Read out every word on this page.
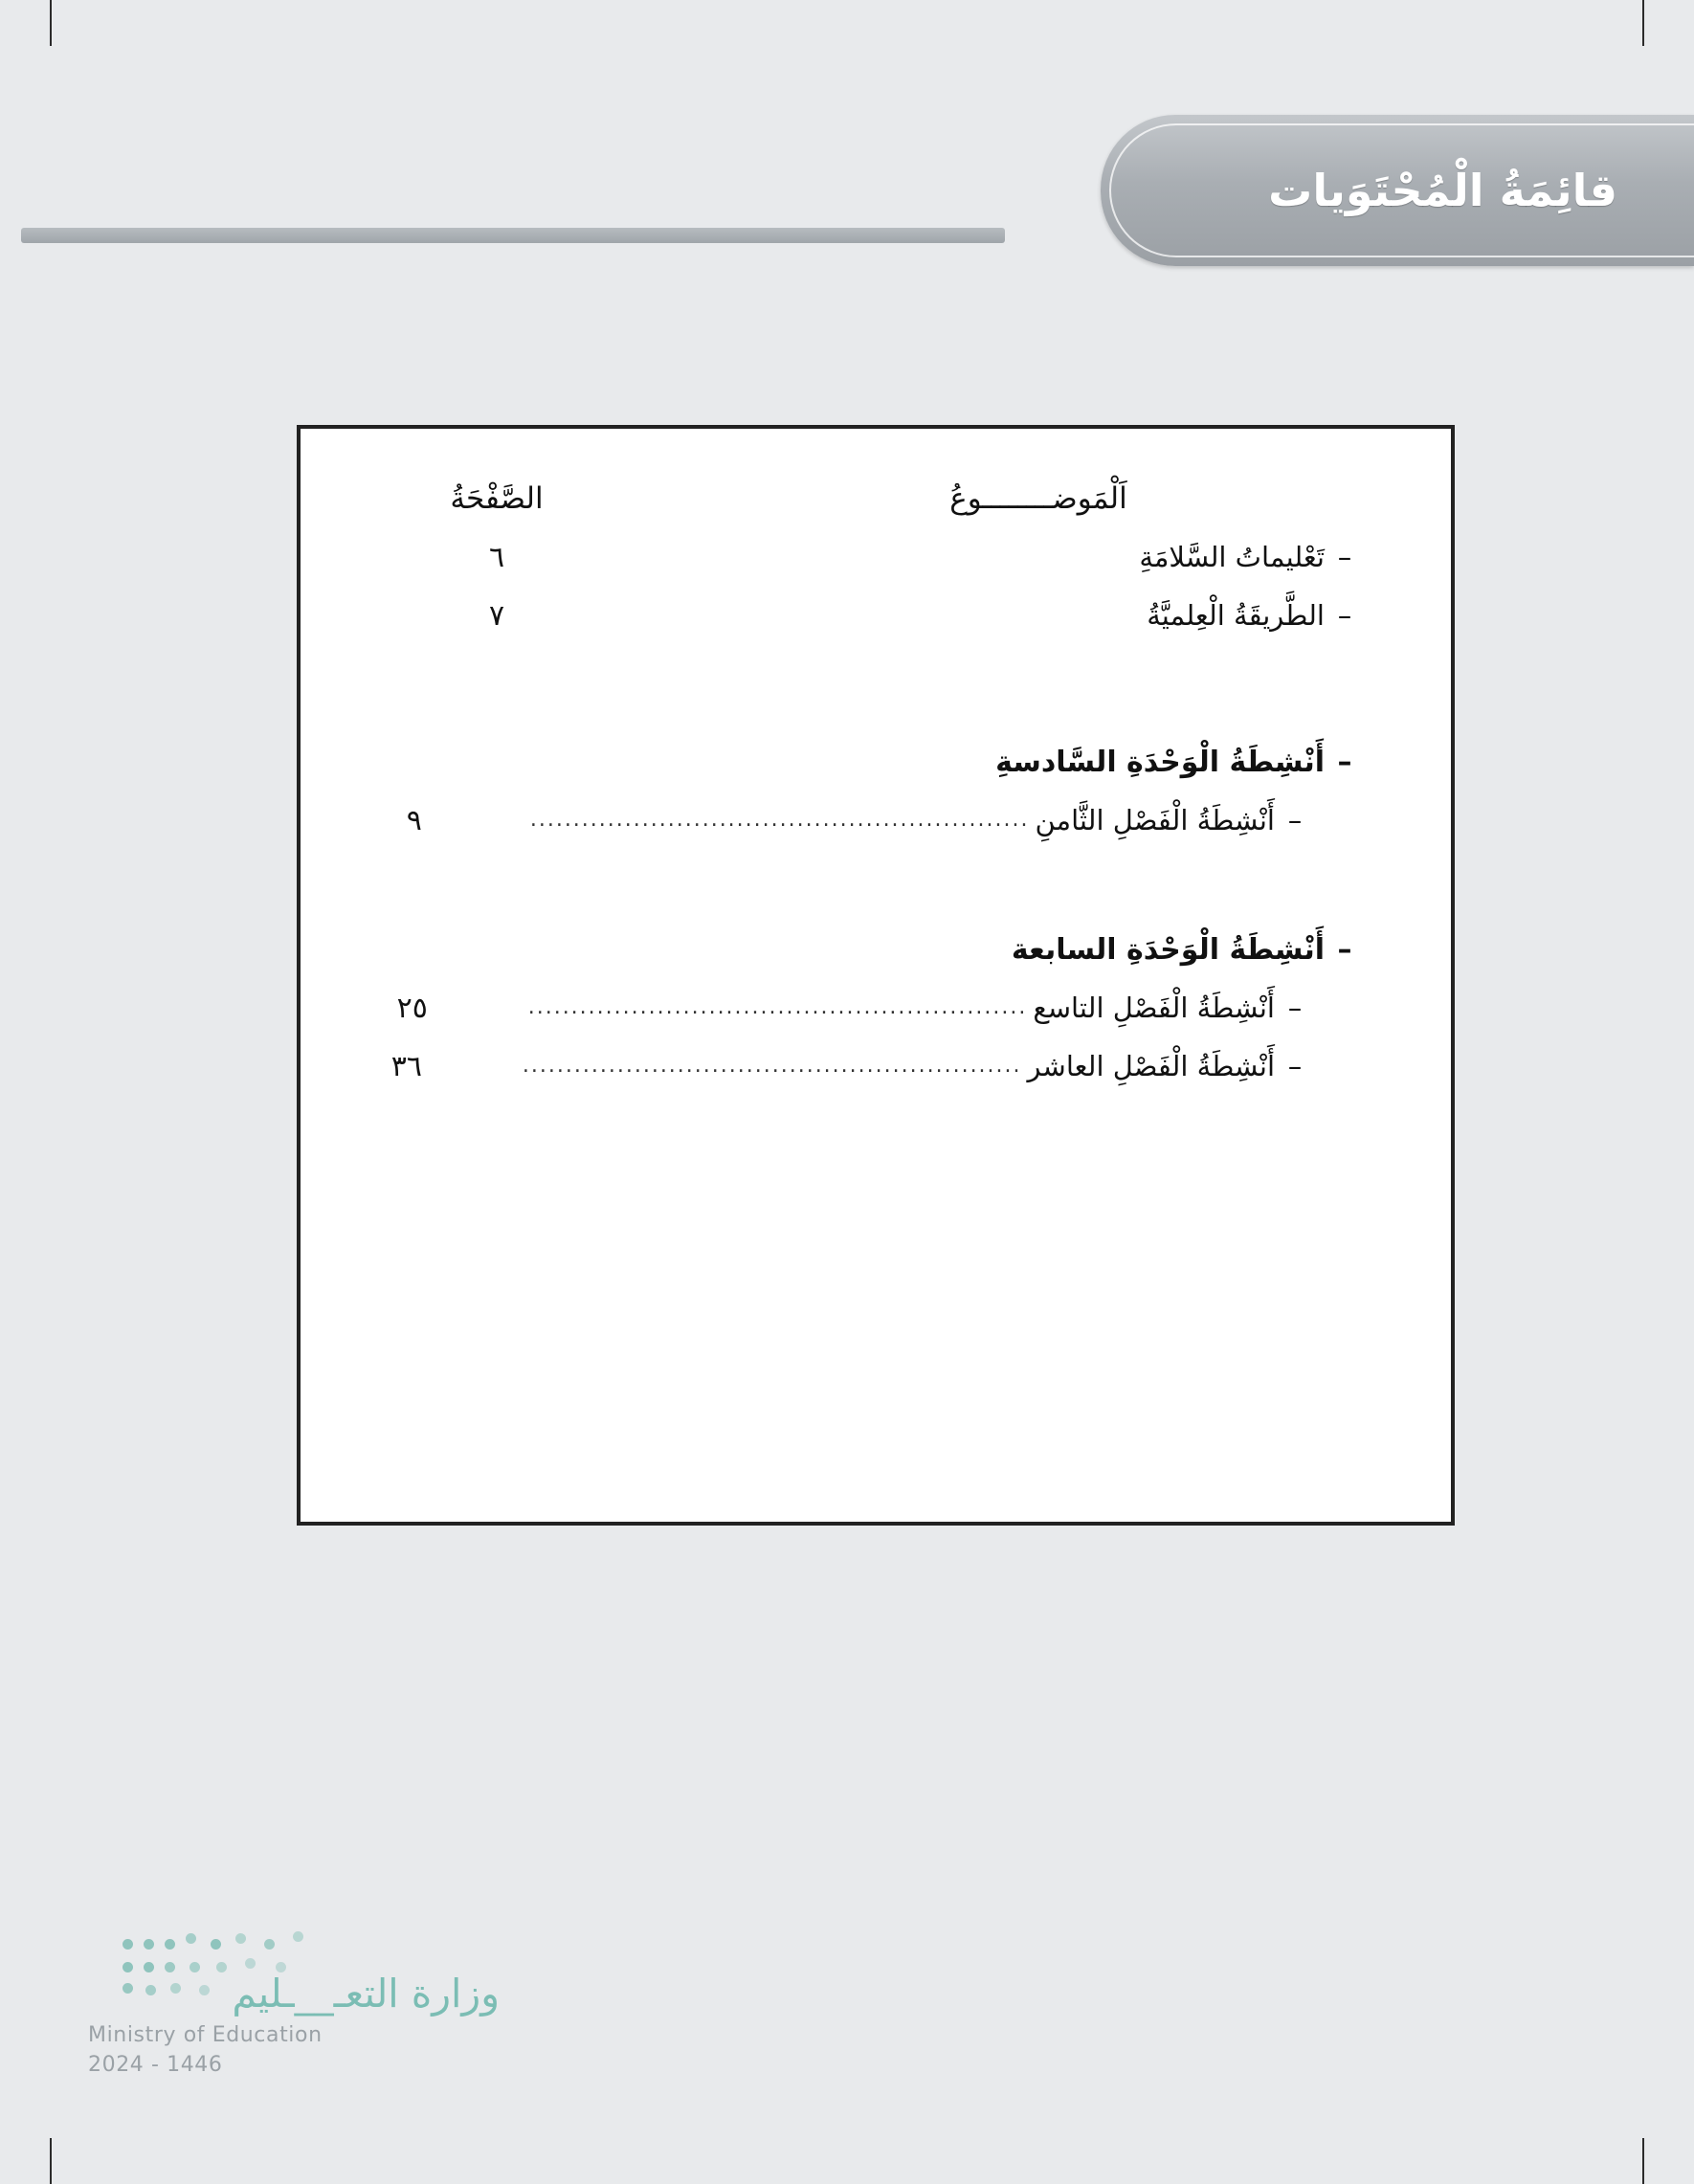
قائِمَةُ الْمُحْتَوَيات
اَلْمَوضــــــــوعُ
الصَّفْحَةُ
–
تَعْليماتُ السَّلامَةِ
٦
–
الطَّريقَةُ الْعِلميَّةُ
٧
–
أَنْشِطَةُ الْوَحْدَةِ السَّادسةِ
–
أَنْشِطَةُ الْفَصْلِ الثَّامنِ
..........................................................
٩
–
أَنْشِطَةُ الْوَحْدَةِ السابعة
–
أَنْشِطَةُ الْفَصْلِ التاسع
..........................................................
٢٥
–
أَنْشِطَةُ الْفَصْلِ العاشر
..........................................................
٣٦
وزارة التعـ__ـليم
Ministry of Education
2024 - 1446
